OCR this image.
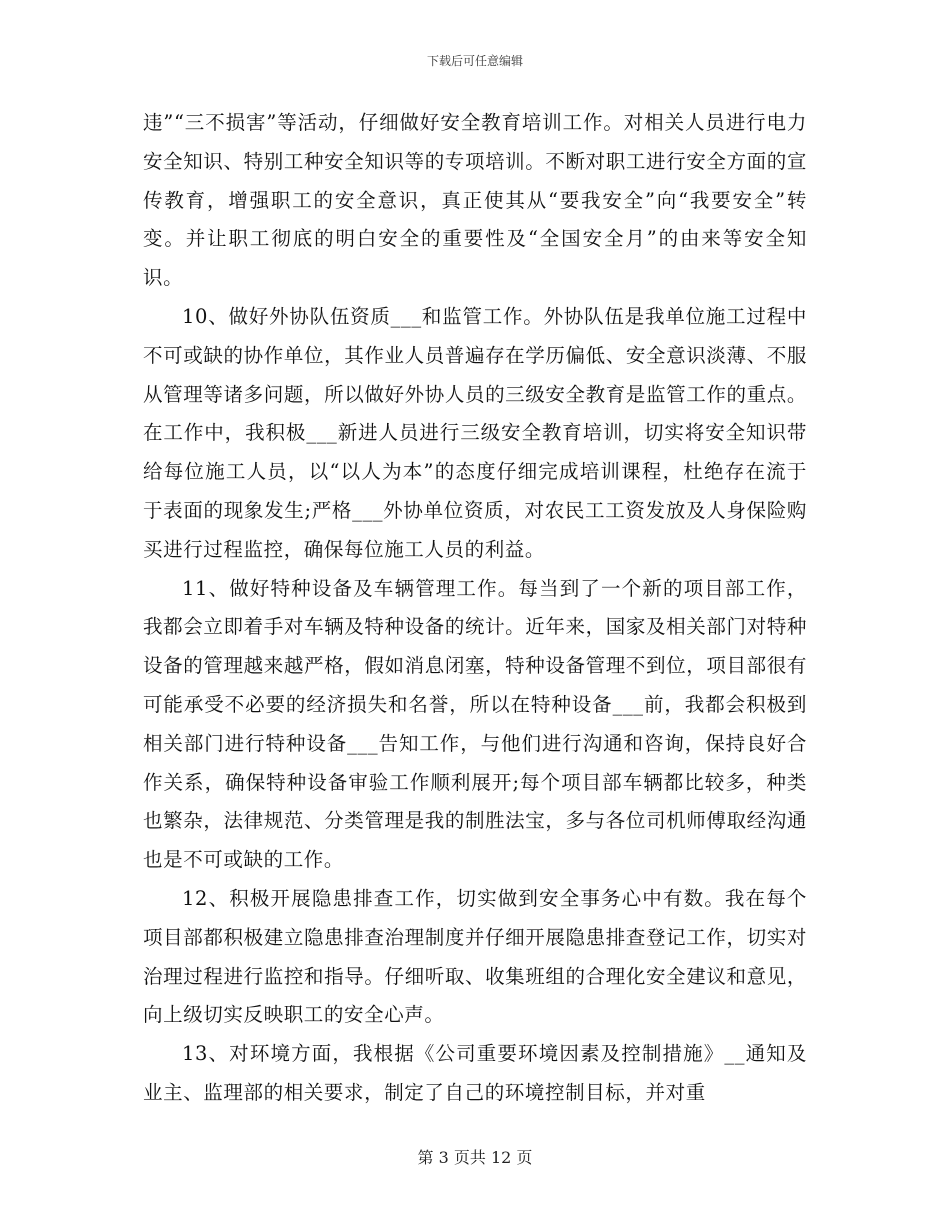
下载后可任意编辑

违”“三不损害”等活动，仔细做好安全教育培训工作。对相关人员进行电力安全知识、特别工种安全知识等的专项培训。不断对职工进行安全方面的宣传教育，增强职工的安全意识，真正使其从“要我安全”向“我要安全”转变。并让职工彻底的明白安全的重要性及“全国安全月”的由来等安全知识。

10、做好外协队伍资质___和监管工作。外协队伍是我单位施工过程中不可或缺的协作单位，其作业人员普遍存在学历偏低、安全意识淡薄、不服从管理等诸多问题，所以做好外协人员的三级安全教育是监管工作的重点。在工作中，我积极___新进人员进行三级安全教育培训，切实将安全知识带给每位施工人员，以“以人为本”的态度仔细完成培训课程，杜绝存在流于于表面的现象发生;严格___外协单位资质，对农民工工资发放及人身保险购买进行过程监控，确保每位施工人员的利益。

11、做好特种设备及车辆管理工作。每当到了一个新的项目部工作，我都会立即着手对车辆及特种设备的统计。近年来，国家及相关部门对特种设备的管理越来越严格，假如消息闭塞，特种设备管理不到位，项目部很有可能承受不必要的经济损失和名誉，所以在特种设备___前，我都会积极到相关部门进行特种设备___告知工作，与他们进行沟通和咨询，保持良好合作关系，确保特种设备审验工作顺利展开;每个项目部车辆都比较多，种类也繁杂，法律规范、分类管理是我的制胜法宝，多与各位司机师傅取经沟通也是不可或缺的工作。

12、积极开展隐患排查工作，切实做到安全事务心中有数。我在每个项目部都积极建立隐患排查治理制度并仔细开展隐患排查登记工作，切实对治理过程进行监控和指导。仔细听取、收集班组的合理化安全建议和意见，向上级切实反映职工的安全心声。

13、对环境方面，我根据《公司重要环境因素及控制措施》__通知及业主、监理部的相关要求，制定了自己的环境控制目标，并对重

第 3 页共 12 页
